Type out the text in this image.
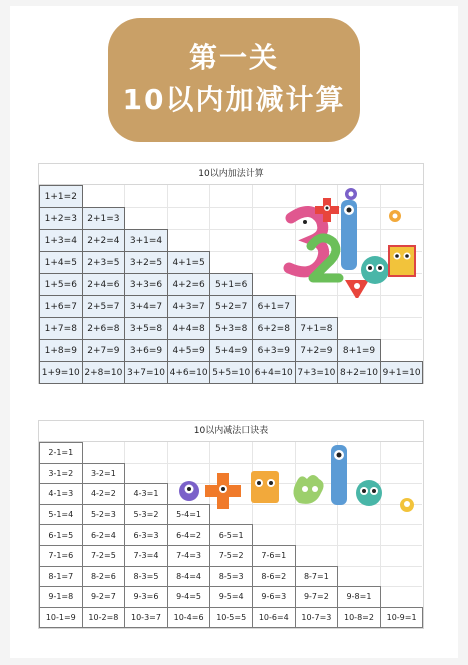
第一关
10以内加减计算
10以内加法计算
1+1=2
1+2=3	2+1=3
1+3=4	2+2=4	3+1=4
1+4=5	2+3=5	3+2=5	4+1=5
1+5=6	2+4=6	3+3=6	4+2=6	5+1=6
1+6=7	2+5=7	3+4=7	4+3=7	5+2=7	6+1=7
1+7=8	2+6=8	3+5=8	4+4=8	5+3=8	6+2=8	7+1=8
1+8=9	2+7=9	3+6=9	4+5=9	5+4=9	6+3=9	7+2=9	8+1=9
1+9=10 2+8=10 3+7=10 4+6=10 5+5=10 6+4=10 7+3=10 8+2=10 9+1=10
10以内减法口诀表
2-1=1
3-1=2	3-2=1
4-1=3	4-2=2	4-3=1
5-1=4	5-2=3	5-3=2	5-4=1
6-1=5	6-2=4	6-3=3	6-4=2	6-5=1
7-1=6	7-2=5	7-3=4	7-4=3	7-5=2	7-6=1
8-1=7	8-2=6	8-3=5	8-4=4	8-5=3	8-6=2	8-7=1
9-1=8	9-2=7	9-3=6	9-4=5	9-5=4	9-6=3	9-7=2	9-8=1
10-1=9	10-2=8	10-3=7	10-4=6	10-5=5	10-6=4	10-7=3	10-8=2	10-9=1
